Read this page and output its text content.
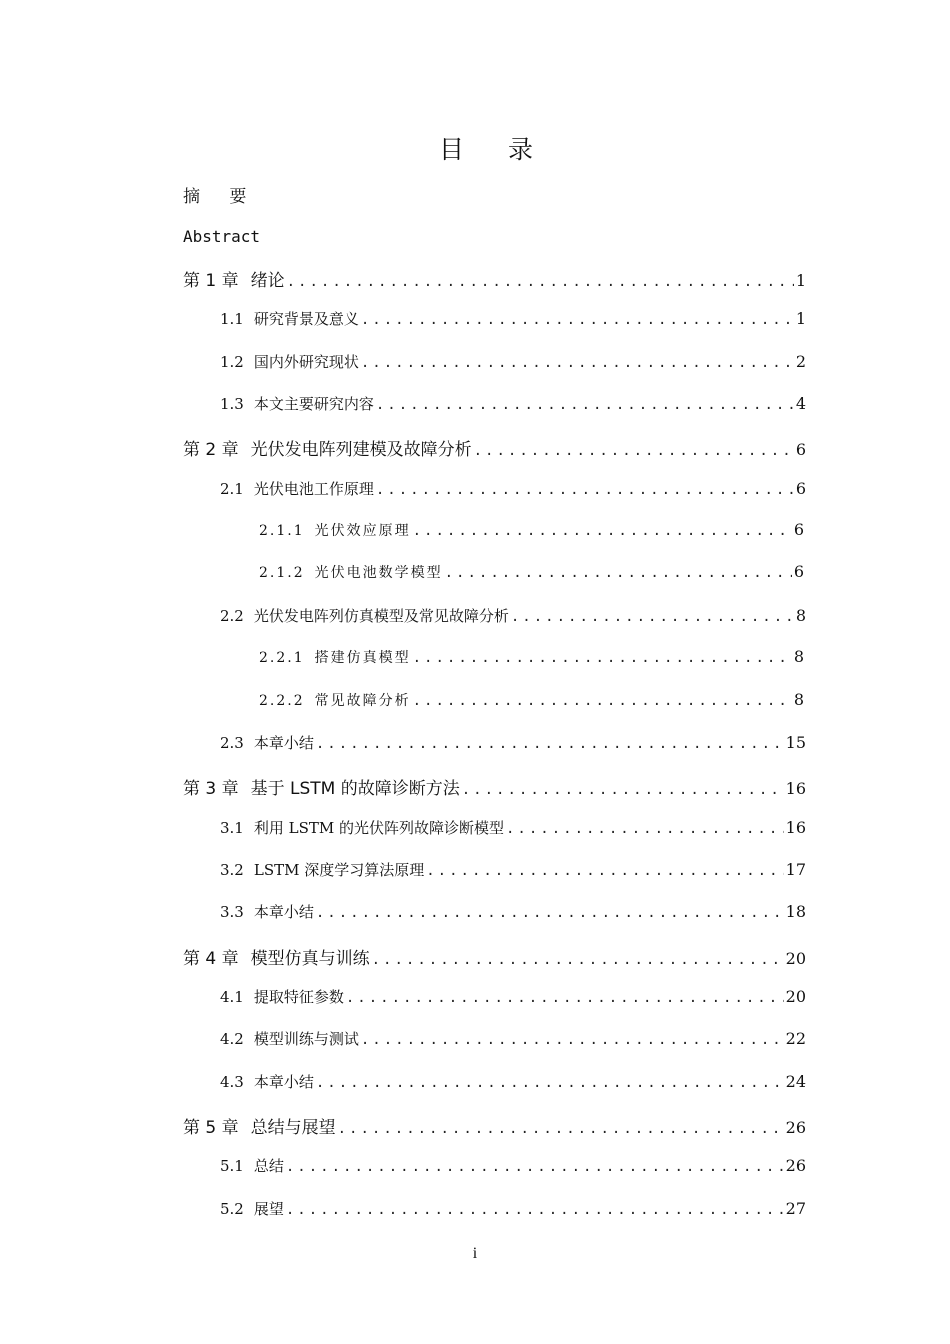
目 录
摘 要
Abstract
第 1 章 绪论 .....	1
1.1 研究背景及意义 .....	1
1.2 国内外研究现状 .....	2
1.3 本文主要研究内容 .....	4
第 2 章 光伏发电阵列建模及故障分析 .....	6
2.1 光伏电池工作原理 .....	6
2.1.1 光伏效应原理 .....	6
2.1.2 光伏电池数学模型 .....	6
2.2 光伏发电阵列仿真模型及常见故障分析 .....	8
2.2.1 搭建仿真模型 .....	8
2.2.2 常见故障分析 .....	8
2.3 本章小结 .....	15
第 3 章 基于 LSTM 的故障诊断方法 .....	16
3.1 利用 LSTM 的光伏阵列故障诊断模型 .....	16
3.2 LSTM 深度学习算法原理 .....	17
3.3 本章小结 .....	18
第 4 章 模型仿真与训练 .....	20
4.1 提取特征参数 .....	20
4.2 模型训练与测试 .....	22
4.3 本章小结 .....	24
第 5 章 总结与展望 .....	26
5.1 总结 .....	26
5.2 展望 .....	27
i
